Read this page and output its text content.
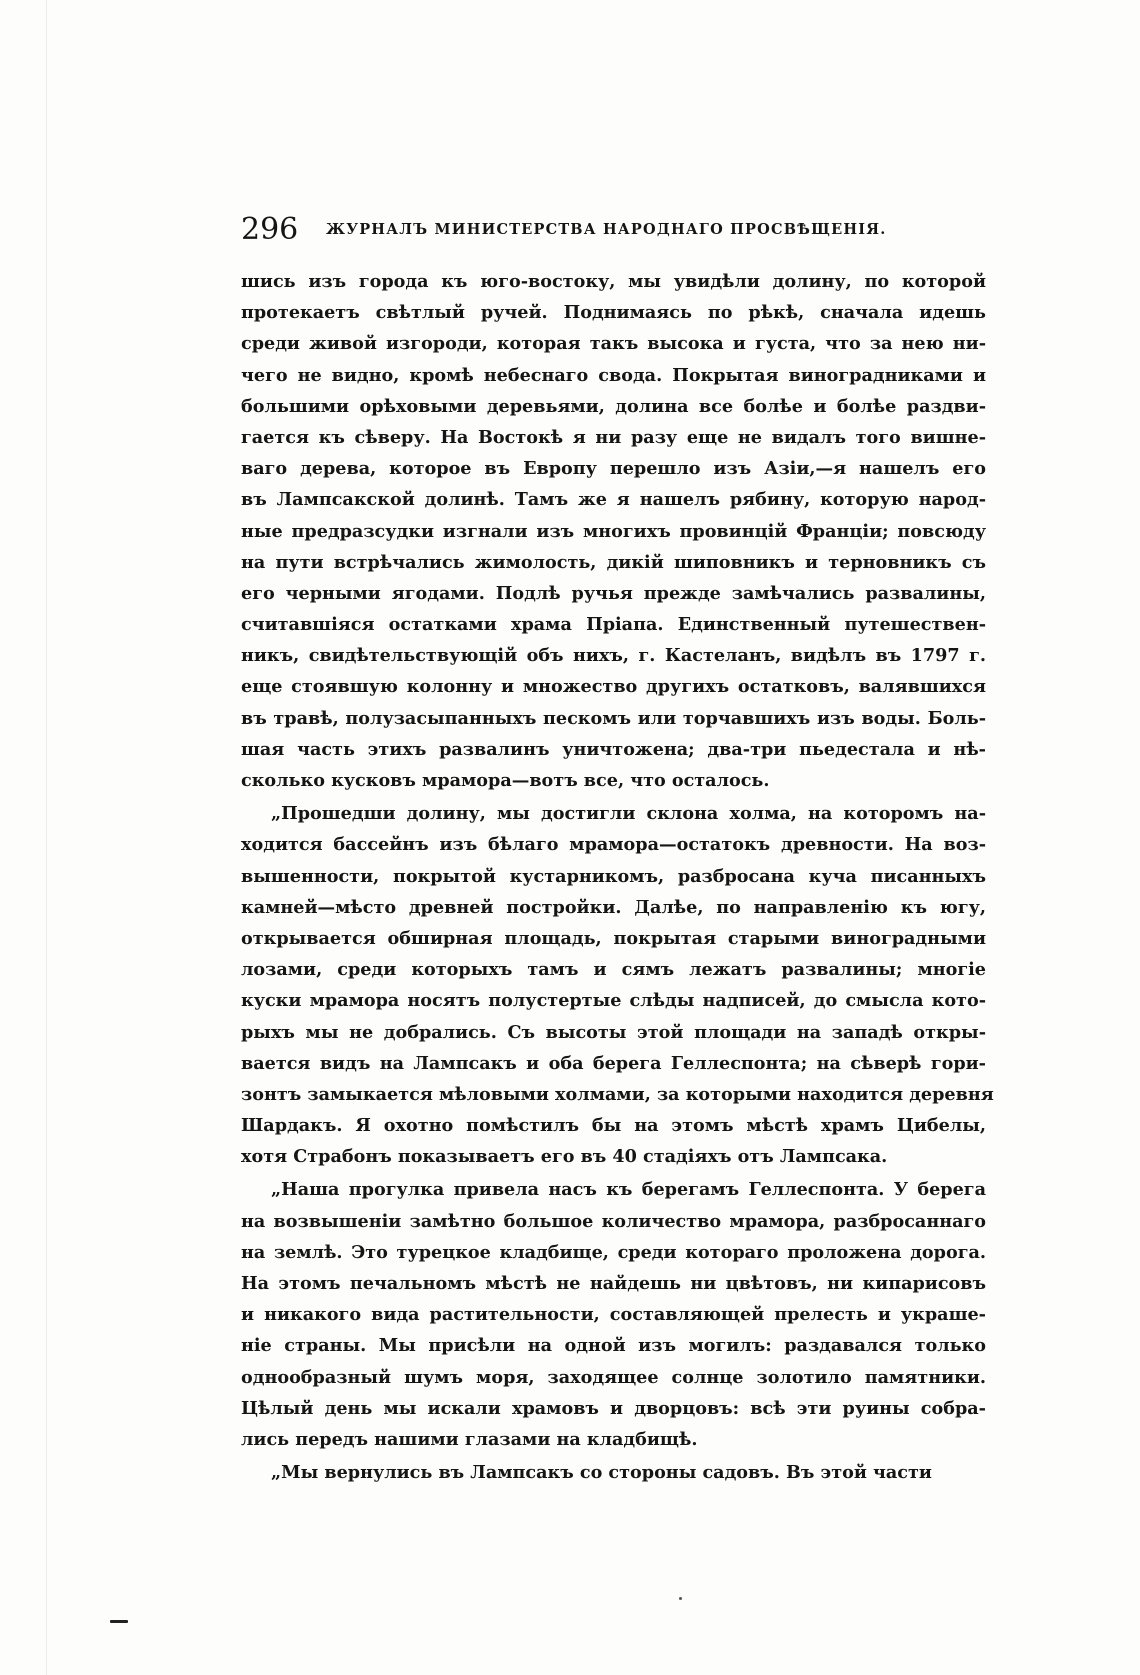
296 ЖУРНАЛЪ МИНИСТЕРСТВА НАРОДНАГО ПРОСВѢЩЕНІЯ.
шись изъ города къ юго-востоку, мы увидѣли долину, по которой
протекаетъ свѣтлый ручей. Поднимаясь по рѣкѣ, сначала идешь
среди живой изгороди, которая такъ высока и густа, что за нею ни-
чего не видно, кромѣ небеснаго свода. Покрытая виноградниками и
большими орѣховыми деревьями, долина все болѣе и болѣе раздви-
гается къ сѣверу. На Востокѣ я ни разу еще не видалъ того вишне-
ваго дерева, которое въ Европу перешло изъ Азіи,—я нашелъ его
въ Лампсакской долинѣ. Тамъ же я нашелъ рябину, которую народ-
ные предразсудки изгнали изъ многихъ провинцій Франціи; повсюду
на пути встрѣчались жимолость, дикій шиповникъ и терновникъ съ
его черными ягодами. Подлѣ ручья прежде замѣчались развалины,
считавшіяся остатками храма Пріапа. Единственный путешествен-
никъ, свидѣтельствующій объ нихъ, г. Кастеланъ, видѣлъ въ 1797 г.
еще стоявшую колонну и множество другихъ остатковъ, валявшихся
въ травѣ, полузасыпанныхъ пескомъ или торчавшихъ изъ воды. Боль-
шая часть этихъ развалинъ уничтожена; два-три пьедестала и нѣ-
сколько кусковъ мрамора—вотъ все, что осталось.
„Прошедши долину, мы достигли склона холма, на которомъ на-
ходится бассейнъ изъ бѣлаго мрамора—остатокъ древности. На воз-
вышенности, покрытой кустарникомъ, разбросана куча писанныхъ
камней—мѣсто древней постройки. Далѣе, по направленію къ югу,
открывается обширная площадь, покрытая старыми виноградными
лозами, среди которыхъ тамъ и сямъ лежатъ развалины; многіе
куски мрамора носятъ полустертые слѣды надписей, до смысла кото-
рыхъ мы не добрались. Съ высоты этой площади на западѣ откры-
вается видъ на Лампсакъ и оба берега Геллеспонта; на сѣверѣ гори-
зонтъ замыкается мѣловыми холмами, за которыми находится деревня
Шардакъ. Я охотно помѣстилъ бы на этомъ мѣстѣ храмъ Цибелы,
хотя Страбонъ показываетъ его въ 40 стадіяхъ отъ Лампсака.
„Наша прогулка привела насъ къ берегамъ Геллеспонта. У берега
на возвышеніи замѣтно большое количество мрамора, разбросаннаго
на землѣ. Это турецкое кладбище, среди котораго проложена дорога.
На этомъ печальномъ мѣстѣ не найдешь ни цвѣтовъ, ни кипарисовъ
и никакого вида растительности, составляющей прелесть и украше-
ніе страны. Мы присѣли на одной изъ могилъ: раздавался только
однообразный шумъ моря, заходящее солнце золотило памятники.
Цѣлый день мы искали храмовъ и дворцовъ: всѣ эти руины собра-
лись передъ нашими глазами на кладбищѣ.
„Мы вернулись въ Лампсакъ со стороны садовъ. Въ этой части
